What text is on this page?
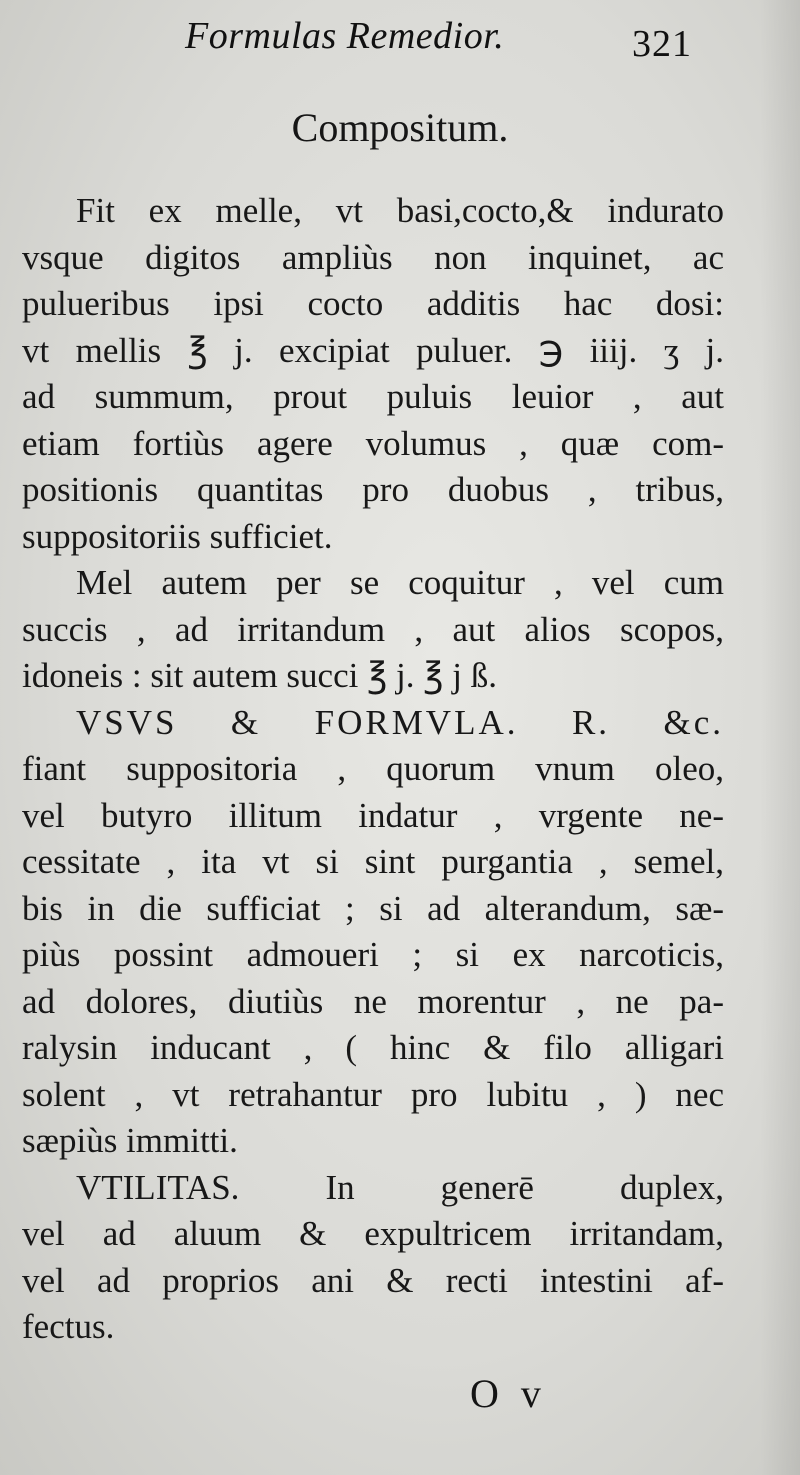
Formulas Remedior.	321
Compositum.
Fit ex melle, vt basi,cocto,& indurato
vsque digitos ampliùs non inquinet, ac
pulueribus ipsi cocto additis hac dosi:
vt mellis ℥ j. excipiat puluer. ℈ iiij. ʒ j.
ad summum, prout puluis leuior , aut
etiam fortiùs agere volumus , quæ com-
positionis quantitas pro duobus , tribus,
suppositoriis sufficiet.
Mel autem per se coquitur , vel cum
succis , ad irritandum , aut alios scopos,
idoneis : sit autem succi ℥ j. ℥ j ß.
VSVS & FORMVLA. R. &c.
fiant suppositoria , quorum vnum oleo,
vel butyro illitum indatur , vrgente ne-
cessitate , ita vt si sint purgantia , semel,
bis in die sufficiat ; si ad alterandum, sæ-
piùs possint admoueri ; si ex narcoticis,
ad dolores, diutiùs ne morentur , ne pa-
ralysin inducant , ( hinc & filo alligari
solent , vt retrahantur pro lubitu , ) nec
sæpiùs immitti.
VTILITAS. In generē duplex,
vel ad aluum & expultricem irritandam,
vel ad proprios ani & recti intestini af-
fectus.
O v
